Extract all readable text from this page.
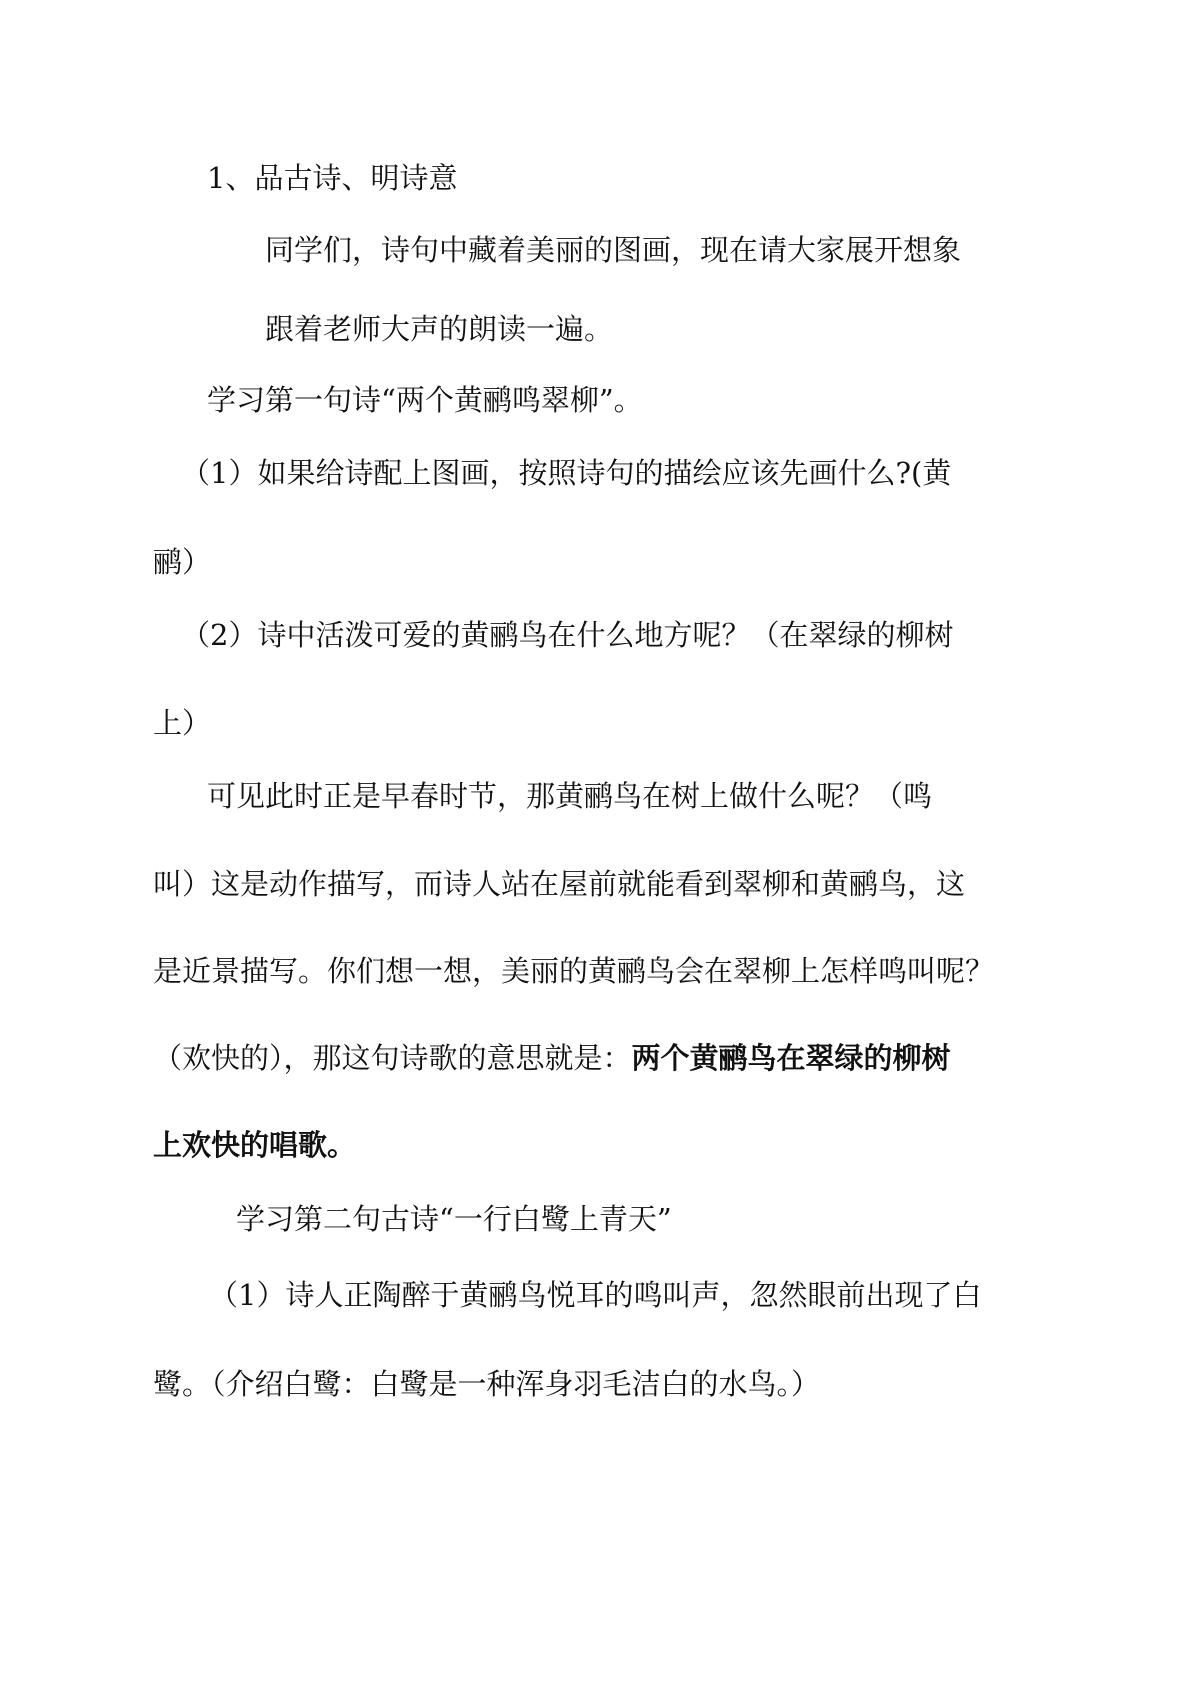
1、品古诗、明诗意
同学们，诗句中藏着美丽的图画，现在请大家展开想象
跟着老师大声的朗读一遍。
学习第一句诗“两个黄鹂鸣翠柳”。
（1）如果给诗配上图画，按照诗句的描绘应该先画什么?(黄
鹂）
（2）诗中活泼可爱的黄鹂鸟在什么地方呢？（在翠绿的柳树
上）
可见此时正是早春时节，那黄鹂鸟在树上做什么呢？（鸣
叫）这是动作描写，而诗人站在屋前就能看到翠柳和黄鹂鸟，这
是近景描写。你们想一想，美丽的黄鹂鸟会在翠柳上怎样鸣叫呢？
（欢快的），那这句诗歌的意思就是：两个黄鹂鸟在翠绿的柳树
上欢快的唱歌。
学习第二句古诗“一行白鹭上青天”
（1）诗人正陶醉于黄鹂鸟悦耳的鸣叫声，忽然眼前出现了白
鹭。（介绍白鹭：白鹭是一种浑身羽毛洁白的水鸟。）
